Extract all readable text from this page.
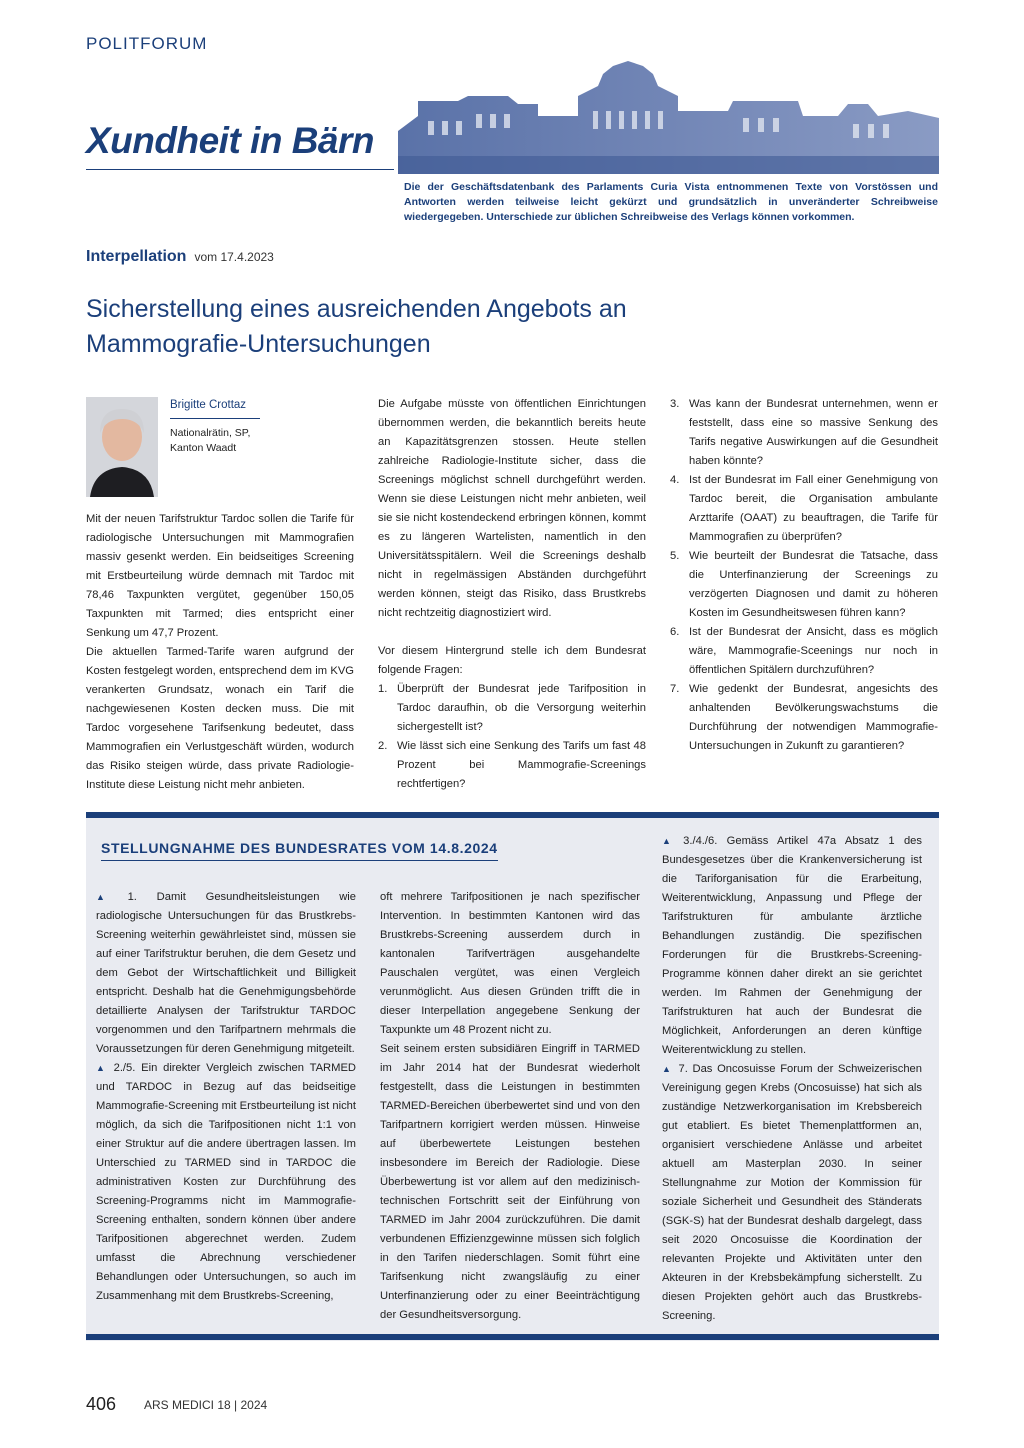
POLITFORUM
Xundheit in Bärn
Die der Geschäftsdatenbank des Parlaments Curia Vista entnommenen Texte von Vorstössen und Antworten werden teilweise leicht gekürzt und grundsätzlich in unveränderter Schreibweise wiedergegeben. Unterschiede zur üblichen Schreibweise des Verlags können vorkommen.
Interpellation vom 17.4.2023
Sicherstellung eines ausreichenden Angebots an Mammografie-Untersuchungen
Brigitte Crottaz
Nationalrätin, SP,
Kanton Waadt

Mit der neuen Tarifstruktur Tardoc sollen die Tarife für radiologische Untersuchungen mit Mammografien massiv gesenkt werden. Ein beidseitiges Screening mit Erstbeurteilung würde demnach mit Tardoc mit 78,46 Taxpunkten vergütet, gegenüber 150,05 Taxpunkten mit Tarmed; dies entspricht einer Senkung um 47,7 Prozent.

Die aktuellen Tarmed-Tarife waren aufgrund der Kosten festgelegt worden, entsprechend dem im KVG verankerten Grundsatz, wonach ein Tarif die nachgewiesenen Kosten decken muss. Die mit Tardoc vorgesehene Tarifsenkung bedeutet, dass Mammografien ein Verlustgeschäft würden, wodurch das Risiko steigen würde, dass private Radiologie-Institute diese Leistung nicht mehr anbieten.

Die Aufgabe müsste von öffentlichen Einrichtungen übernommen werden, die bekanntlich bereits heute an Kapazitätsgrenzen stossen. Heute stellen zahlreiche Radiologie-Institute sicher, dass die Screenings möglichst schnell durchgeführt werden. Wenn sie diese Leistungen nicht mehr anbieten, weil sie sie nicht kostendeckend erbringen können, kommt es zu längeren Wartelisten, namentlich in den Universitätsspitälern. Weil die Screenings deshalb nicht in regelmässigen Abständen durchgeführt werden können, steigt das Risiko, dass Brustkrebs nicht rechtzeitig diagnostiziert wird.

Vor diesem Hintergrund stelle ich dem Bundesrat folgende Fragen:

1. Überprüft der Bundesrat jede Tarifposition in Tardoc daraufhin, ob die Versorgung weiterhin sichergestellt ist?
2. Wie lässt sich eine Senkung des Tarifs um fast 48 Prozent bei Mammografie-Screenings rechtfertigen?
3. Was kann der Bundesrat unternehmen, wenn er feststellt, dass eine so massive Senkung des Tarifs negative Auswirkungen auf die Gesundheit haben könnte?
4. Ist der Bundesrat im Fall einer Genehmigung von Tardoc bereit, die Organisation ambulante Arzttarife (OAAT) zu beauftragen, die Tarife für Mammografien zu überprüfen?
5. Wie beurteilt der Bundesrat die Tatsache, dass die Unterfinanzierung der Screenings zu verzögerten Diagnosen und damit zu höheren Kosten im Gesundheitswesen führen kann?
6. Ist der Bundesrat der Ansicht, dass es möglich wäre, Mammografie-Sceenings nur noch in öffentlichen Spitälern durchzuführen?
7. Wie gedenkt der Bundesrat, angesichts des anhaltenden Bevölkerungswachstums die Durchführung der notwendigen Mammografie-Untersuchungen in Zukunft zu garantieren?
STELLUNGNAHME DES BUNDESRATES VOM 14.8.2024

▲ 1. Damit Gesundheitsleistungen wie radiologische Untersuchungen für das Brustkrebs-Screening weiterhin gewährleistet sind, müssen sie auf einer Tarifstruktur beruhen, die dem Gesetz und dem Gebot der Wirtschaftlichkeit und Billigkeit entspricht. Deshalb hat die Genehmigungsbehörde detaillierte Analysen der Tarifstruktur TARDOC vorgenommen und den Tarifpartnern mehrmals die Voraussetzungen für deren Genehmigung mitgeteilt.

▲ 2./5. Ein direkter Vergleich zwischen TARMED und TARDOC in Bezug auf das beidseitige Mammografie-Screening mit Erstbeurteilung ist nicht möglich, da sich die Tarifpositionen nicht 1:1 von einer Struktur auf die andere übertragen lassen. Im Unterschied zu TARMED sind in TARDOC die administrativen Kosten zur Durchführung des Screening-Programms nicht im Mammografie-Screening enthalten, sondern können über andere Tarifpositionen abgerechnet werden. Zudem umfasst die Abrechnung verschiedener Behandlungen oder Untersuchungen, so auch im Zusammenhang mit dem Brustkrebs-Screening,

oft mehrere Tarifpositionen je nach spezifischer Intervention. In bestimmten Kantonen wird das Brustkrebs-Screening ausserdem durch in kantonalen Tarifverträgen ausgehandelte Pauschalen vergütet, was einen Vergleich verunmöglicht. Aus diesen Gründen trifft die in dieser Interpellation angegebene Senkung der Taxpunkte um 48 Prozent nicht zu.

Seit seinem ersten subsidiären Eingriff in TARMED im Jahr 2014 hat der Bundesrat wiederholt festgestellt, dass die Leistungen in bestimmten TARMED-Bereichen überbewertet sind und von den Tarifpartnern korrigiert werden müssen. Hinweise auf überbewertete Leistungen bestehen insbesondere im Bereich der Radiologie. Diese Überbewertung ist vor allem auf den medizinisch-technischen Fortschritt seit der Einführung von TARMED im Jahr 2004 zurückzuführen. Die damit verbundenen Effizienzgewinne müssen sich folglich in den Tarifen niederschlagen. Somit führt eine Tarifsenkung nicht zwangsläufig zu einer Unterfinanzierung oder zu einer Beeinträchtigung der Gesundheitsversorgung.

▲ 3./4./6. Gemäss Artikel 47a Absatz 1 des Bundesgesetzes über die Krankenversicherung ist die Tariforganisation für die Erarbeitung, Weiterentwicklung, Anpassung und Pflege der Tarifstrukturen für ambulante ärztliche Behandlungen zuständig. Die spezifischen Forderungen für die Brustkrebs-Screening-Programme können daher direkt an sie gerichtet werden. Im Rahmen der Genehmigung der Tarifstrukturen hat auch der Bundesrat die Möglichkeit, Anforderungen an deren künftige Weiterentwicklung zu stellen.

▲ 7. Das Oncosuisse Forum der Schweizerischen Vereinigung gegen Krebs (Oncosuisse) hat sich als zuständige Netzwerkorganisation im Krebsbereich gut etabliert. Es bietet Themenplattformen an, organisiert verschiedene Anlässe und arbeitet aktuell am Masterplan 2030. In seiner Stellungnahme zur Motion der Kommission für soziale Sicherheit und Gesundheit des Ständerats (SGK-S) hat der Bundesrat deshalb dargelegt, dass seit 2020 Oncosuisse die Koordination der relevanten Projekte und Aktivitäten unter den Akteuren in der Krebsbekämpfung sicherstellt. Zu diesen Projekten gehört auch das Brustkrebs-Screening.

406 ARS MEDICI 18 | 2024
